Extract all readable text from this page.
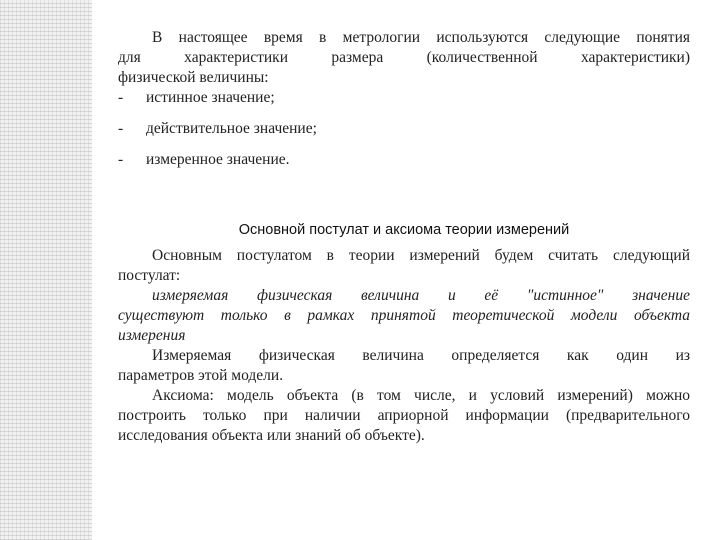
В настоящее время в метрологии используются следующие понятия

для характеристики размера (количественной характеристики)

физической величины:

-	истинное значение;
-	действительное значение;
-	измеренное значение.
Основной постулат и аксиома теории измерений

Основным постулатом в теории измерений будем считать следующий

постулат:

измеряемая физическая величина и её "истинное" значение

существуют только в рамках принятой теоретической модели объекта

измерения

Измеряемая физическая величина определяется как один из

параметров этой модели.

Аксиома: модель объекта (в том числе, и условий измерений) можно

построить только при наличии априорной информации (предварительного

исследования объекта или знаний об объекте).
